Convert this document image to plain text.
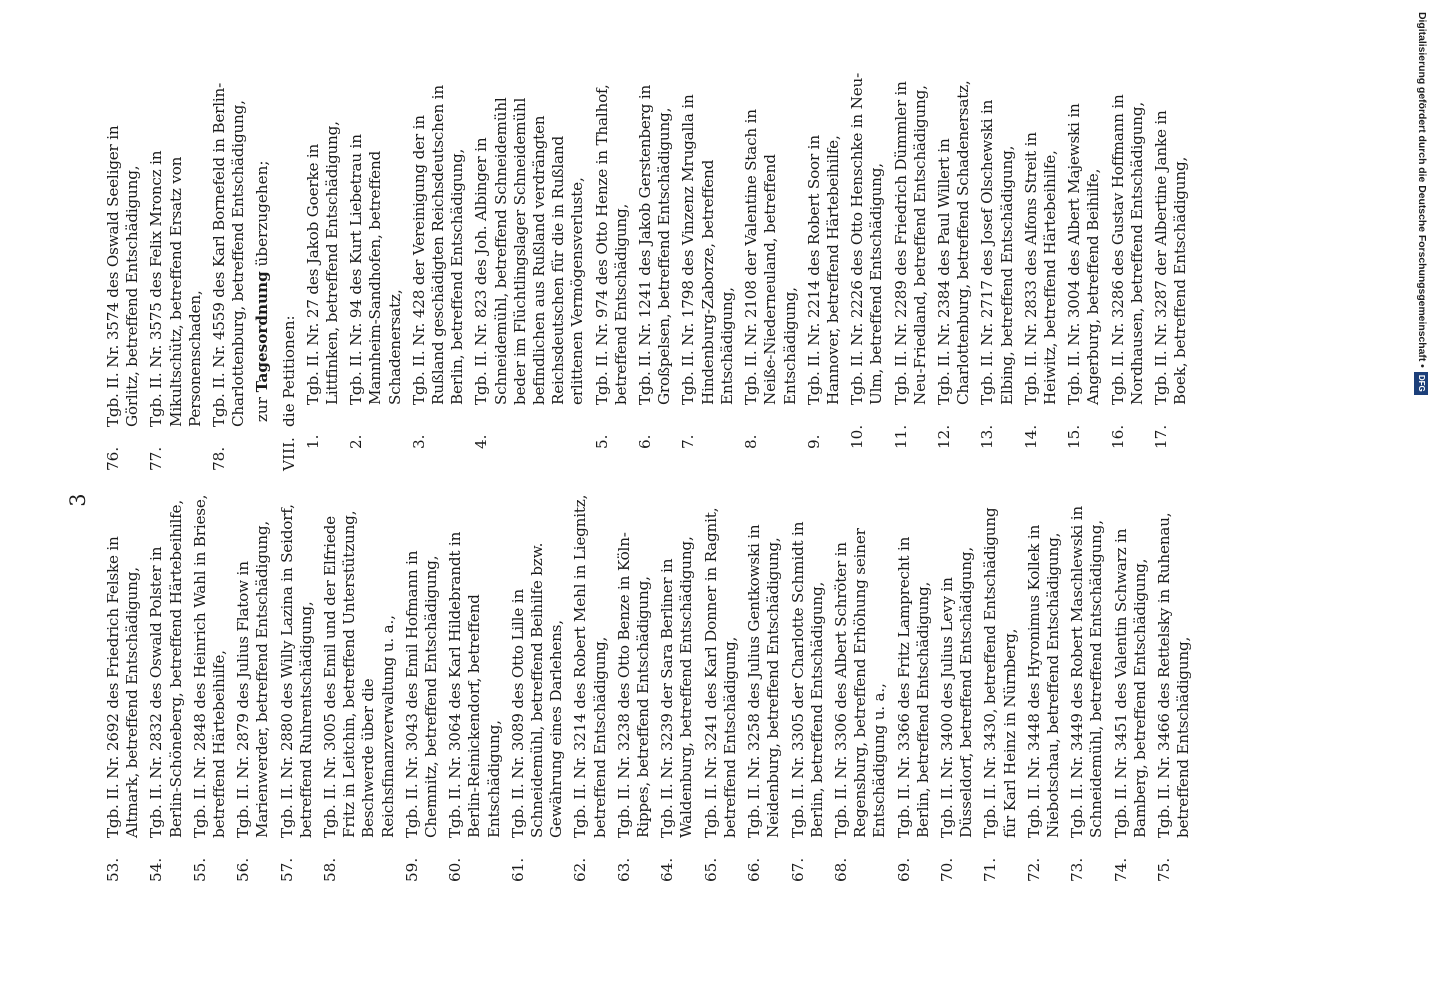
3
53.
Tgb. II. Nr. 2692 des Friedrich Felske in Altmark, betreffend Entschädigung,
54.
Tgb. II. Nr. 2832 des Oswald Polster in Berlin-Schöneberg, betreffend Härtebeihilfe,
55.
Tgb. II. Nr. 2848 des Heinrich Wahl in Briese, betreffend Härtebeihilfe,
56.
Tgb. II. Nr. 2879 des Julius Flatow in Marienwerder, betreffend Entschädigung,
57.
Tgb. II. Nr. 2880 des Willy Lazina in Seidorf, betreffend Ruhrentschädigung,
58.
Tgb. II. Nr. 3005 des Emil und der Elfriede Fritz in Leitchin, betreffend Unterstützung, Beschwerde über die Reichsfinanzverwaltung u. a.,
59.
Tgb. II. Nr. 3043 des Emil Hofmann in Chemnitz, betreffend Entschädigung,
60.
Tgb. II. Nr. 3064 des Karl Hildebrandt in Berlin-Reinickendorf, betreffend Entschädigung,
61.
Tgb. II. Nr. 3089 des Otto Lille in Schneidemühl, betreffend Beihilfe bzw. Gewährung eines Darlehens,
62.
Tgb. II. Nr. 3214 des Robert Mehl in Liegnitz, betreffend Entschädigung,
63.
Tgb. II. Nr. 3238 des Otto Benze in Köln-Rippes, betreffend Entschädigung,
64.
Tgb. II. Nr. 3239 der Sara Berliner in Waldenburg, betreffend Entschädigung,
65.
Tgb. II. Nr. 3241 des Karl Donner in Ragnit, betreffend Entschädigung,
66.
Tgb. II. Nr. 3258 des Julius Gentkowski in Neidenburg, betreffend Entschädigung,
67.
Tgb. II. Nr. 3305 der Charlotte Schmidt in Berlin, betreffend Entschädigung,
68.
Tgb. II. Nr. 3306 des Albert Schröter in Regensburg, betreffend Erhöhung seiner Entschädigung u. a.,
69.
Tgb. II. Nr. 3366 des Fritz Lamprecht in Berlin, betreffend Entschädigung,
70.
Tgb. II. Nr. 3400 des Julius Levy in Düsseldorf, betreffend Entschädigung,
71.
Tgb. II. Nr. 3430, betreffend Entschädigung für Karl Heinz in Nürnberg,
72.
Tgb. II. Nr. 3448 des Hyronimus Kollek in Niebotschau, betreffend Entschädigung,
73.
Tgb. II. Nr. 3449 des Robert Maschlewski in Schneidemühl, betreffend Entschädigung,
74.
Tgb. II. Nr. 3451 des Valentin Schwarz in Bamberg, betreffend Entschädigung,
75.
Tgb. II. Nr. 3466 des Rettelsky in Ruhenau, betreffend Entschädigung,
76.
Tgb. II. Nr. 3574 des Oswald Seeliger in Görlitz, betreffend Entschädigung,
77.
Tgb. II. Nr. 3575 des Felix Mroncz in Mikultschütz, betreffend Ersatz von Personenschaden,
78.
Tgb. II. Nr. 4559 des Karl Bornefeld in Berlin-Charlottenburg, betreffend Entschädigung, zur Tagesordnung überzugehen;
VIII.
die Petitionen:
1.
Tgb. II. Nr. 27 des Jakob Goerke in Littfinken, betreffend Entschädigung,
2.
Tgb. II. Nr. 94 des Kurt Liebetrau in Mannheim-Sandhofen, betreffend Schadenersatz,
3.
Tgb. II. Nr. 428 der Vereinigung der in Rußland geschädigten Reichsdeutschen in Berlin, betreffend Entschädigung,
4.
Tgb. II. Nr. 823 des Joh. Albinger in Schneidemühl, betreffend Schneidemühl beder im Flüchtlingslager Schneidemühl befindlichen aus Rußland verdrängten Reichsdeutschen für die in Rußland erlittenen Vermögensverluste,
5.
Tgb. II. Nr. 974 des Otto Henze in Thalhof, betreffend Entschädigung,
6.
Tgb. II. Nr. 1241 des Jakob Gerstenberg in Großpelsen, betreffend Entschädigung,
7.
Tgb. II. Nr. 1798 des Vinzenz Mrugalla in Hindenburg-Zaborze, betreffend Entschädigung,
8.
Tgb. II. Nr. 2108 der Valentine Stach in Neiße-Niederneuland, betreffend Entschädigung,
9.
Tgb. II. Nr. 2214 des Robert Soor in Hannover, betreffend Härtebeihilfe,
10.
Tgb. II. Nr. 2226 des Otto Henschke in Neu-Ulm, betreffend Entschädigung,
11.
Tgb. II. Nr. 2289 des Friedrich Dümmler in Neu-Friedland, betreffend Entschädigung,
12.
Tgb. II. Nr. 2384 des Paul Willert in Charlottenburg, betreffend Schadenersatz,
13.
Tgb. II. Nr. 2717 des Josef Olschewski in Elbing, betreffend Entschädigung,
14.
Tgb. II. Nr. 2833 des Alfons Streit in Heiwitz, betreffend Härtebeihilfe,
15.
Tgb. II. Nr. 3004 des Albert Majewski in Angerburg, betreffend Beihilfe,
16.
Tgb. II. Nr. 3286 des Gustav Hoffmann in Nordhausen, betreffend Entschädigung,
17.
Tgb. II. Nr. 3287 der Albertine Janke in Boek, betreffend Entschädigung,	Digitalisierung gefördert durch die Deutsche Forschungsgemeinschaft •
DFG
